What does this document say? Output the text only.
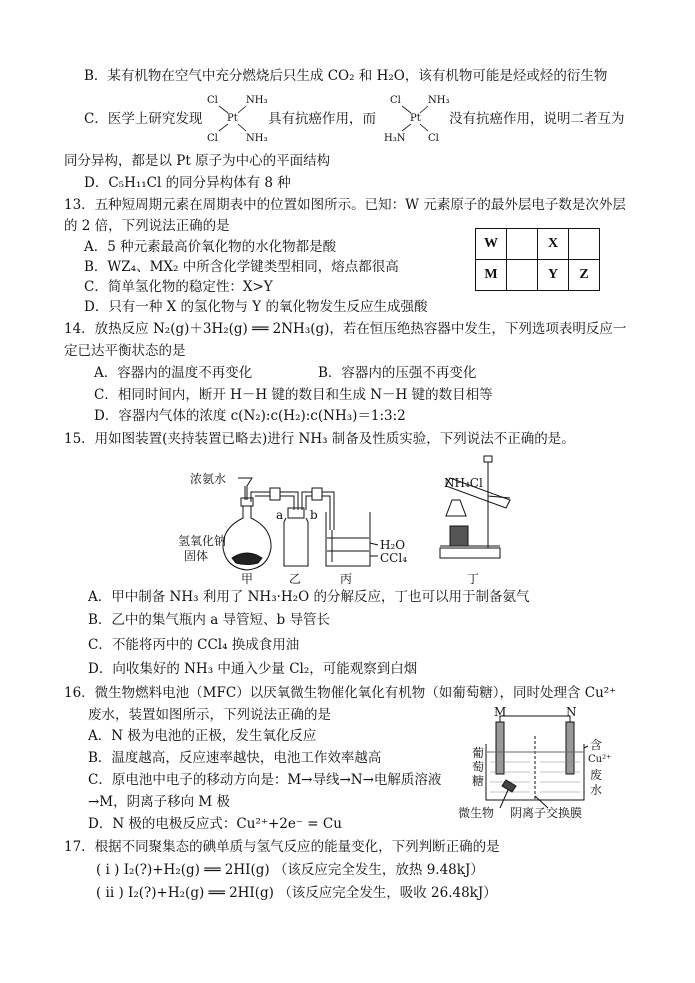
B．某有机物在空气中充分燃烧后只生成 CO₂ 和 H₂O，该有机物可能是烃或烃的衍生物
Cl	NH₃
Pt
Cl	NH₃
C．医学上研究发现	具有抗癌作用，而
Cl	NH₃
Pt
H₃N Cl
没有抗癌作用，说明二者互为
同分异构，都是以 Pt 原子为中心的平面结构
D．C₅H₁₁Cl 的同分异构体有 8 种
13．五种短周期元素在周期表中的位置如图所示。已知：W 元素原子的最外层电子数是次外层
的 2 倍，下列说法正确的是
A．5 种元素最高价氧化物的水化物都是酸
B．WZ₄、MX₂ 中所含化学键类型相同，熔点都很高
C．简单氢化物的稳定性：X>Y
D．只有一种 X 的氢化物与 Y 的氧化物发生反应生成强酸
W		X	
M		Y	Z
14．放热反应 N₂(g)＋3H₂(g) ══ 2NH₃(g)，若在恒压绝热容器中发生，下列选项表明反应一
定已达平衡状态的是
A．容器内的温度不再变化	B．容器内的压强不再变化
C．相同时间内，断开 H－H 键的数目和生成 N－H 键的数目相等
D．容器内气体的浓度 c(N₂):c(H₂):c(NH₃)＝1:3:2
15．用如图装置(夹持装置已略去)进行 NH₃ 制备及性质实验，下列说法不正确的是。
浓氨水
氢氧化钠
固体
a b
H₂O
CCl₄
NH₄Cl
甲	乙	丙	丁
A．甲中制备 NH₃ 利用了 NH₃·H₂O 的分解反应，丁也可以用于制备氨气
B．乙中的集气瓶内 a 导管短、b 导管长
C．不能将丙中的 CCl₄ 换成食用油
D．向收集好的 NH₃ 中通入少量 Cl₂，可能观察到白烟
16．微生物燃料电池（MFC）以厌氧微生物催化氧化有机物（如葡萄糖），同时处理含 Cu²⁺
废水，装置如图所示，下列说法正确的是
A．N 极为电池的正极，发生氧化反应
B．温度越高，反应速率越快，电池工作效率越高
C．原电池中电子的移动方向是：M→导线→N→电解质溶液
→M，阴离子移向 M 极
D．N 极的电极反应式：Cu²⁺+2e⁻ = Cu
M	N
葡
萄
糖
微生物 阴离子交换膜
含
Cu²⁺
废
水
17．根据不同聚集态的碘单质与氢气反应的能量变化，下列判断正确的是
( i ) I₂(?)+H₂(g) ══ 2HI(g) （该反应完全发生，放热 9.48kJ）
( ii ) I₂(?)+H₂(g) ══ 2HI(g) （该反应完全发生，吸收 26.48kJ）
